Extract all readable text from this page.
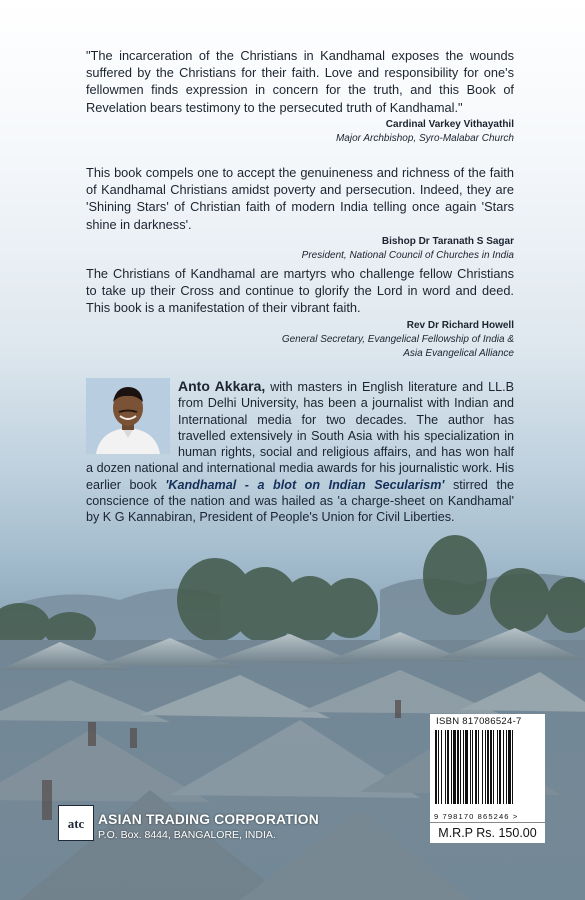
"The incarceration of the Christians in Kandhamal exposes the wounds suffered by the Christians for their faith. Love and responsibility for one's fellowmen finds expression in concern for the truth, and this Book of Revelation bears testimony to the persecuted truth of Kandhamal."

Cardinal Varkey Vithayathil
Major Archbishop, Syro-Malabar Church

This book compels one to accept the genuineness and richness of the faith of Kandhamal Christians amidst poverty and persecution. Indeed, they are 'Shining Stars' of Christian faith of modern India telling once again 'Stars shine in darkness'.

Bishop Dr Taranath S Sagar
President, National Council of Churches in India

The Christians of Kandhamal are martyrs who challenge fellow Christians to take up their Cross and continue to glorify the Lord in word and deed. This book is a manifestation of their vibrant faith.

Rev Dr Richard Howell
General Secretary, Evangelical Fellowship of India &
Asia Evangelical Alliance
Anto Akkara, with masters in English literature and LL.B from Delhi University, has been a journalist with Indian and International media for two decades. The author has travelled extensively in South Asia with his specialization in human rights, social and religious affairs, and has won half a dozen national and international media awards for his journalistic work. His earlier book 'Kandhamal - a blot on Indian Secularism' stirred the conscience of the nation and was hailed as 'a charge-sheet on Kandhamal' by K G Kannabiran, President of People's Union for Civil Liberties.
atc ASIAN TRADING CORPORATION
P.O. Box. 8444, BANGALORE, INDIA.
ISBN 817086524-7
9 798170 865246 >
M.R.P Rs. 150.00
